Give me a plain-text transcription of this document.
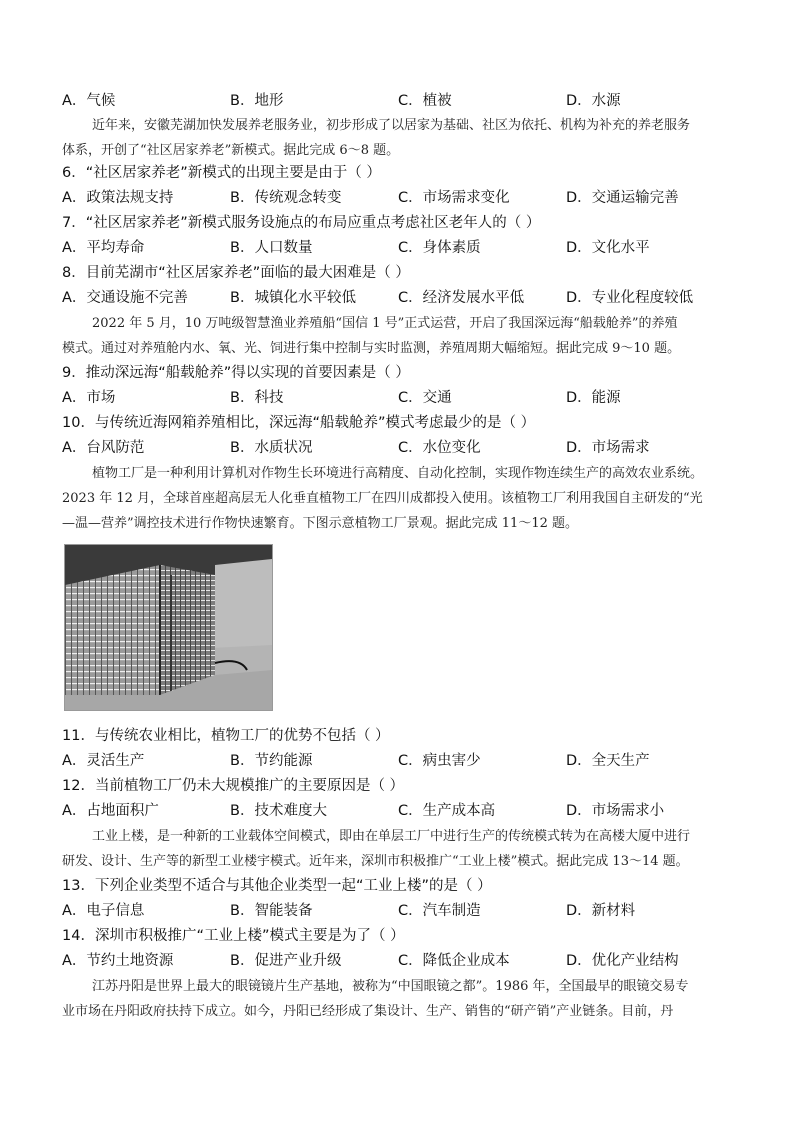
A．气候	B．地形	C．植被	D．水源
近年来，安徽芜湖加快发展养老服务业，初步形成了以居家为基础、社区为依托、机构为补充的养老服务
体系，开创了“社区居家养老”新模式。据此完成 6～8 题。
6．“社区居家养老”新模式的出现主要是由于（ ）
A．政策法规支持	B．传统观念转变	C．市场需求变化	D．交通运输完善
7．“社区居家养老”新模式服务设施点的布局应重点考虑社区老年人的（ ）
A．平均寿命	B．人口数量	C．身体素质	D．文化水平
8．目前芜湖市“社区居家养老”面临的最大困难是（ ）
A．交通设施不完善	B．城镇化水平较低	C．经济发展水平低	D．专业化程度较低
2022 年 5 月，10 万吨级智慧渔业养殖船“国信 1 号”正式运营，开启了我国深远海“船载舱养”的养殖
模式。通过对养殖舱内水、氧、光、饲进行集中控制与实时监测，养殖周期大幅缩短。据此完成 9～10 题。
9．推动深远海“船载舱养”得以实现的首要因素是（ ）
A．市场	B．科技	C．交通	D．能源
10．与传统近海网箱养殖相比，深远海“船载舱养”模式考虑最少的是（ ）
A．台风防范	B．水质状况	C．水位变化	D．市场需求
植物工厂是一种利用计算机对作物生长环境进行高精度、自动化控制，实现作物连续生产的高效农业系统。
2023 年 12 月，全球首座超高层无人化垂直植物工厂在四川成都投入使用。该植物工厂利用我国自主研发的“光
—温—营养”调控技术进行作物快速繁育。下图示意植物工厂景观。据此完成 11～12 题。
11．与传统农业相比，植物工厂的优势不包括（ ）
A．灵活生产	B．节约能源	C．病虫害少	D．全天生产
12．当前植物工厂仍未大规模推广的主要原因是（ ）
A．占地面积广	B．技术难度大	C．生产成本高	D．市场需求小
工业上楼，是一种新的工业载体空间模式，即由在单层工厂中进行生产的传统模式转为在高楼大厦中进行
研发、设计、生产等的新型工业楼宇模式。近年来，深圳市积极推广“工业上楼”模式。据此完成 13～14 题。
13．下列企业类型不适合与其他企业类型一起“工业上楼”的是（ ）
A．电子信息	B．智能装备	C．汽车制造	D．新材料
14．深圳市积极推广“工业上楼”模式主要是为了（ ）
A．节约土地资源	B．促进产业升级	C．降低企业成本	D．优化产业结构
江苏丹阳是世界上最大的眼镜镜片生产基地，被称为“中国眼镜之都”。1986 年，全国最早的眼镜交易专
业市场在丹阳政府扶持下成立。如今，丹阳已经形成了集设计、生产、销售的“研产销”产业链条。目前，丹
